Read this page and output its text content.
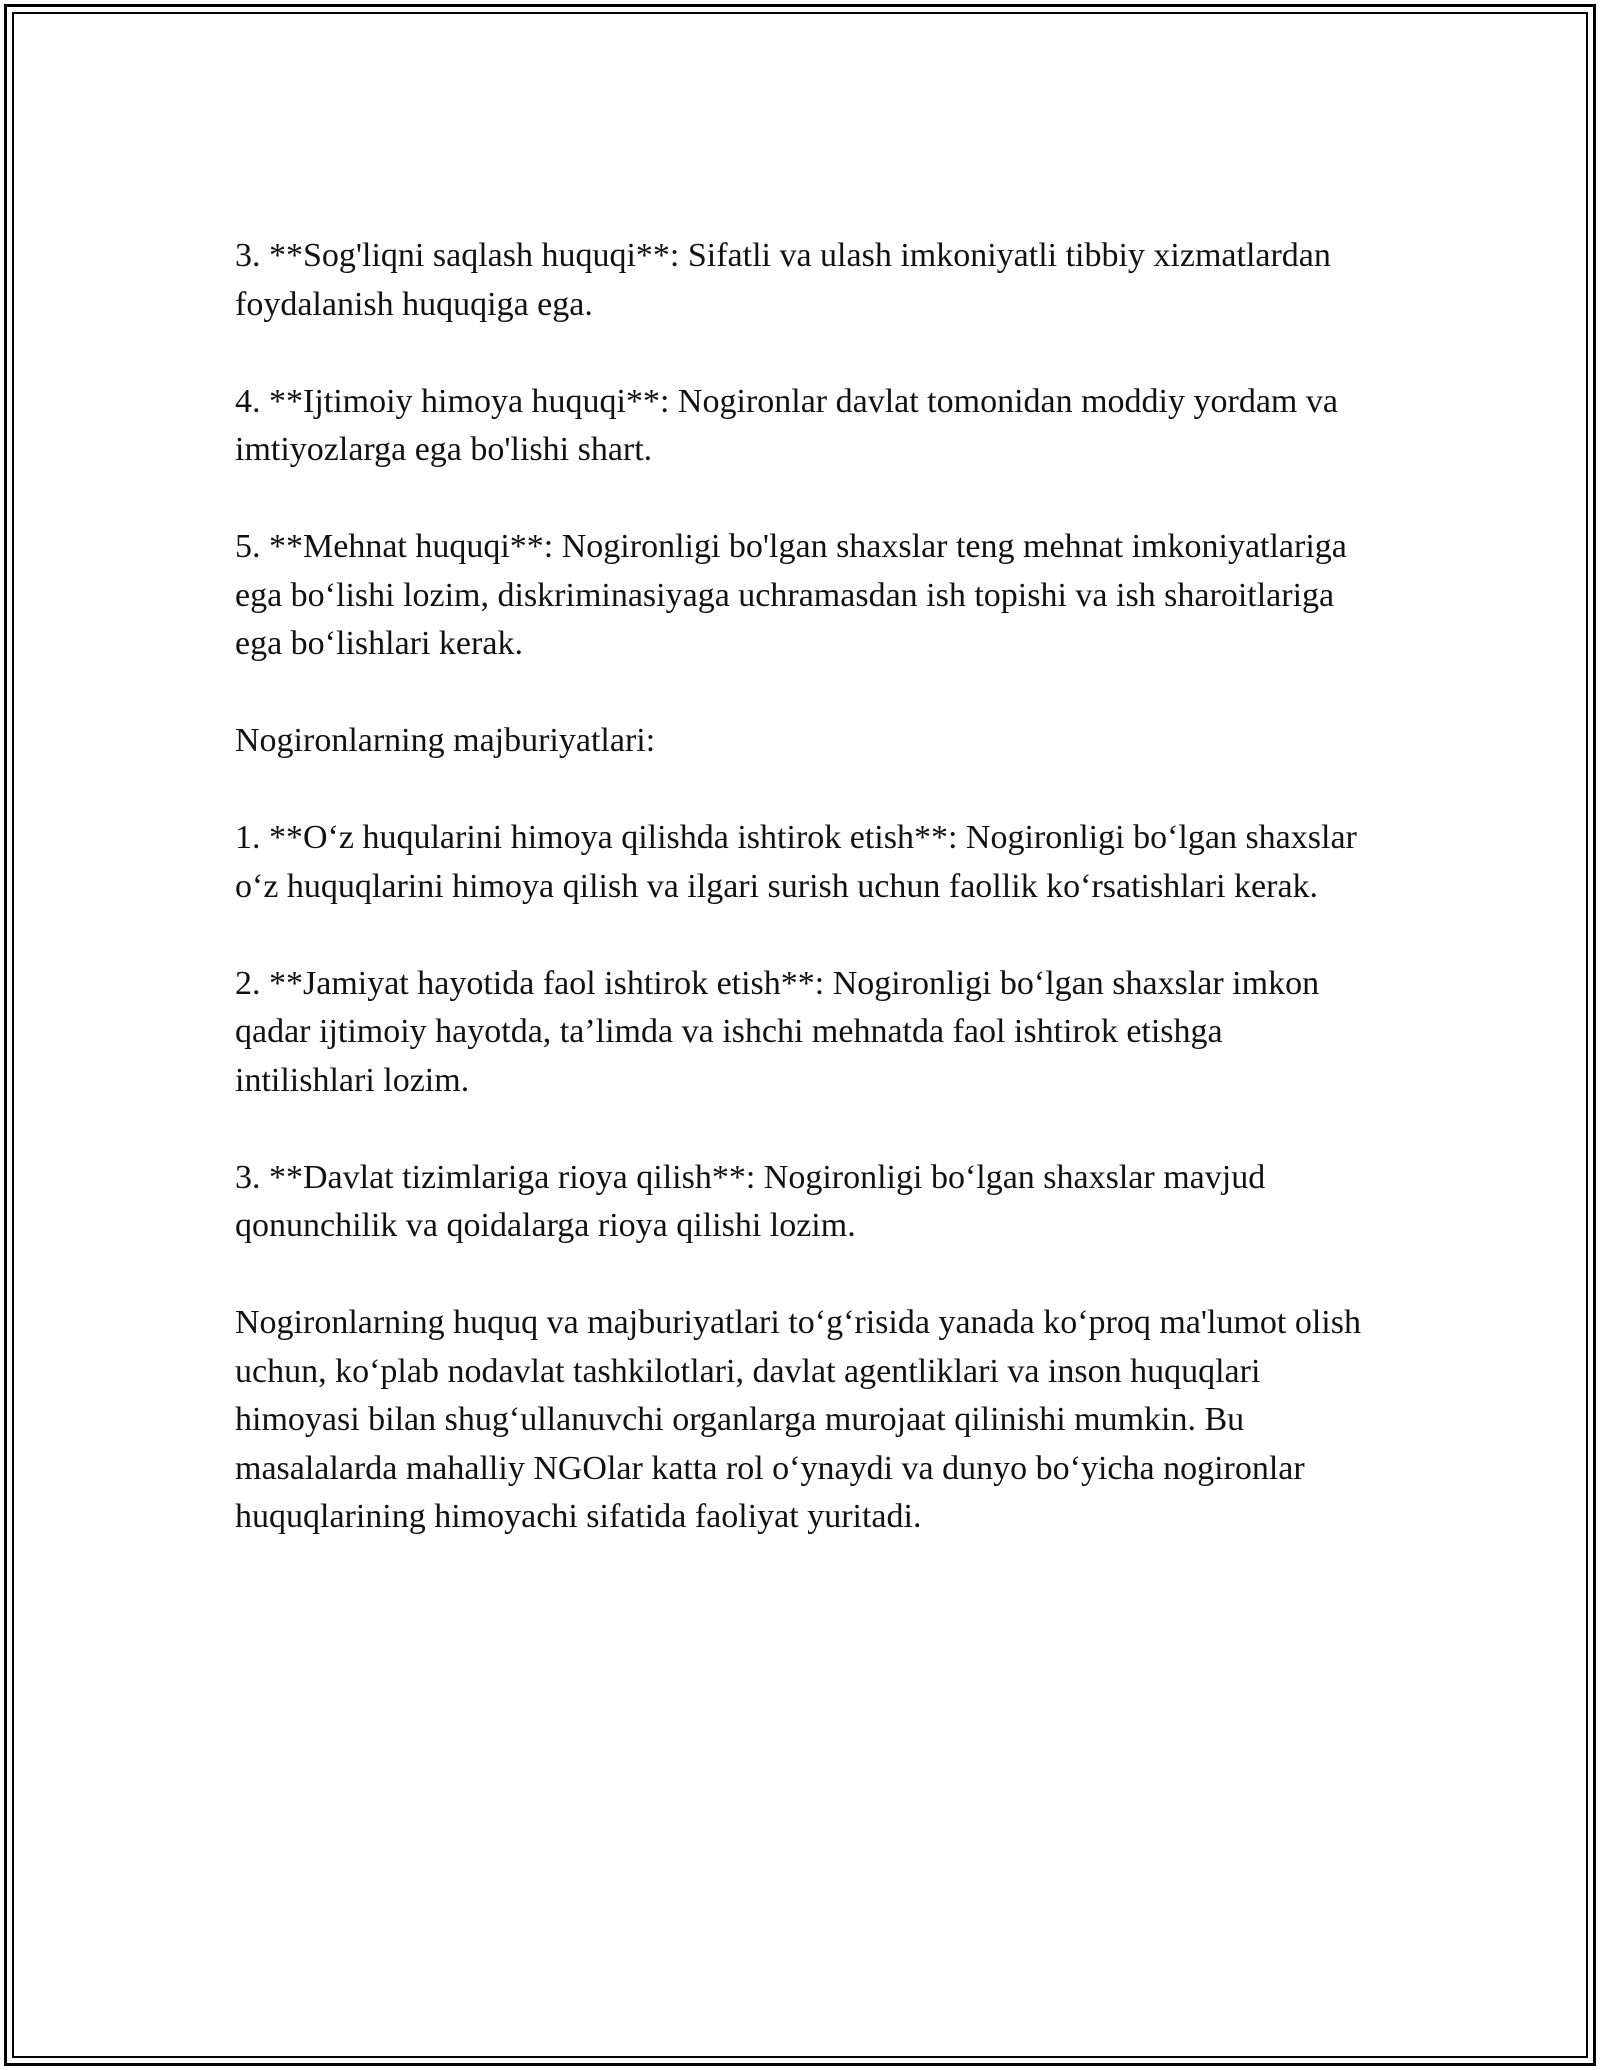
3. **Sog'liqni saqlash huquqi**: Sifatli va ulash imkoniyatli tibbiy xizmatlardan foydalanish huquqiga ega.

4. **Ijtimoiy himoya huquqi**: Nogironlar davlat tomonidan moddiy yordam va imtiyozlarga ega bo'lishi shart.

5. **Mehnat huquqi**: Nogironligi bo'lgan shaxslar teng mehnat imkoniyatlariga ega bo‘lishi lozim, diskriminasiyaga uchramasdan ish topishi va ish sharoitlariga ega bo‘lishlari kerak.

Nogironlarning majburiyatlari:

1. **O‘z huqularini himoya qilishda ishtirok etish**: Nogironligi bo‘lgan shaxslar o‘z huquqlarini himoya qilish va ilgari surish uchun faollik ko‘rsatishlari kerak.

2. **Jamiyat hayotida faol ishtirok etish**: Nogironligi bo‘lgan shaxslar imkon qadar ijtimoiy hayotda, ta’limda va ishchi mehnatda faol ishtirok etishga intilishlari lozim.

3. **Davlat tizimlariga rioya qilish**: Nogironligi bo‘lgan shaxslar mavjud qonunchilik va qoidalarga rioya qilishi lozim.

Nogironlarning huquq va majburiyatlari to‘g‘risida yanada ko‘proq ma'lumot olish uchun, ko‘plab nodavlat tashkilotlari, davlat agentliklari va inson huquqlari himoyasi bilan shug‘ullanuvchi organlarga murojaat qilinishi mumkin. Bu masalalarda mahalliy NGOlar katta rol o‘ynaydi va dunyo bo‘yicha nogironlar huquqlarining himoyachi sifatida faoliyat yuritadi.
